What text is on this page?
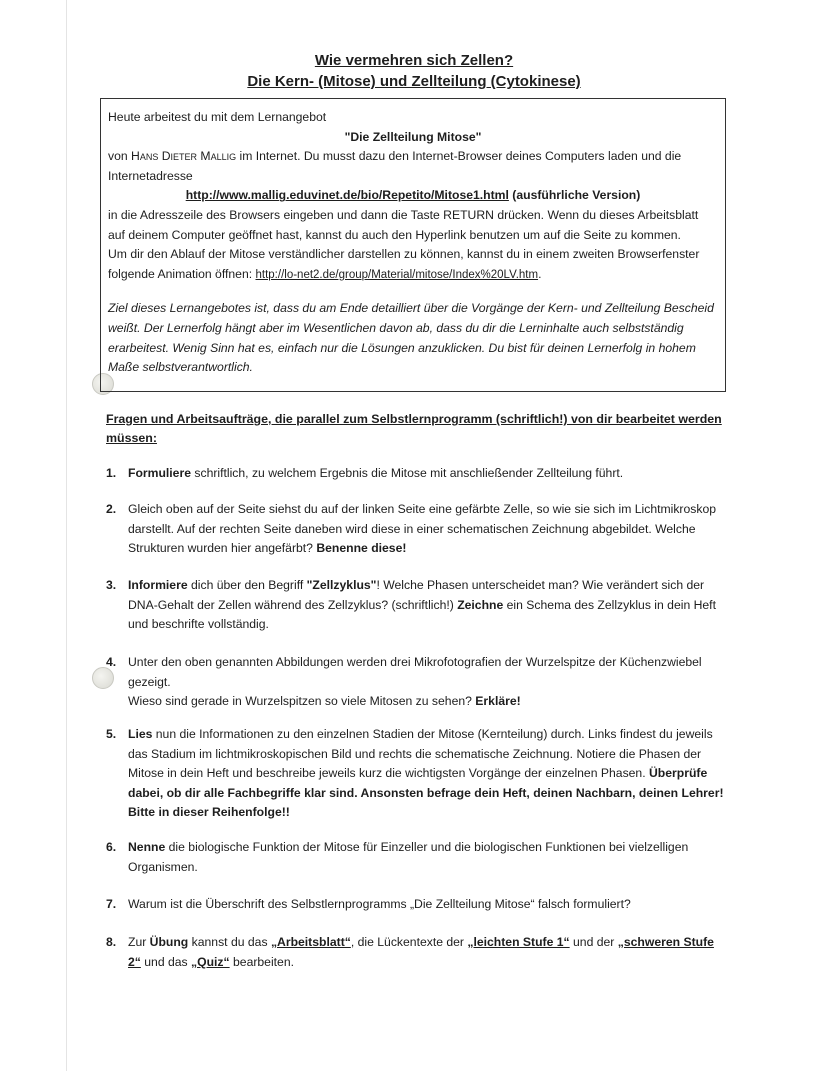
Wie vermehren sich Zellen?
Die Kern- (Mitose) und Zellteilung (Cytokinese)

Heute arbeitest du mit dem Lernangebot

"Die Zellteilung Mitose"

von Hans Dieter Mallig im Internet. Du musst dazu den Internet-Browser deines Computers laden und die Internetadresse

http://www.mallig.eduvinet.de/bio/Repetito/Mitose1.html (ausführliche Version)

in die Adresszeile des Browsers eingeben und dann die Taste RETURN drücken. Wenn du dieses Arbeitsblatt auf deinem Computer geöffnet hast, kannst du auch den Hyperlink benutzen um auf die Seite zu kommen.

Um dir den Ablauf der Mitose verständlicher darstellen zu können, kannst du in einem zweiten Browserfenster folgende Animation öffnen: http://lo-net2.de/group/Material/mitose/Index%20LV.htm.

Ziel dieses Lernangebotes ist, dass du am Ende detailliert über die Vorgänge der Kern- und Zellteilung Bescheid weißt. Der Lernerfolg hängt aber im Wesentlichen davon ab, dass du dir die Lerninhalte auch selbstständig erarbeitest. Wenig Sinn hat es, einfach nur die Lösungen anzuklicken. Du bist für deinen Lernerfolg in hohem Maße selbstverantwortlich.

Fragen und Arbeitsaufträge, die parallel zum Selbstlernprogramm (schriftlich!) von dir bearbeitet werden müssen:
1. Formuliere schriftlich, zu welchem Ergebnis die Mitose mit anschließender Zellteilung führt.
2. Gleich oben auf der Seite siehst du auf der linken Seite eine gefärbte Zelle, so wie sie sich im Lichtmikroskop darstellt. Auf der rechten Seite daneben wird diese in einer schematischen Zeichnung abgebildet. Welche Strukturen wurden hier angefärbt? Benenne diese!
3. Informiere dich über den Begriff "Zellzyklus"! Welche Phasen unterscheidet man? Wie verändert sich der DNA-Gehalt der Zellen während des Zellzyklus? (schriftlich!) Zeichne ein Schema des Zellzyklus in dein Heft und beschrifte vollständig.
4. Unter den oben genannten Abbildungen werden drei Mikrofotografien der Wurzelspitze der Küchenzwiebel gezeigt.
Wieso sind gerade in Wurzelspitzen so viele Mitosen zu sehen? Erkläre!
5. Lies nun die Informationen zu den einzelnen Stadien der Mitose (Kernteilung) durch. Links findest du jeweils das Stadium im lichtmikroskopischen Bild und rechts die schematische Zeichnung. Notiere die Phasen der Mitose in dein Heft und beschreibe jeweils kurz die wichtigsten Vorgänge der einzelnen Phasen. Überprüfe dabei, ob dir alle Fachbegriffe klar sind. Ansonsten befrage dein Heft, deinen Nachbarn, deinen Lehrer! Bitte in dieser Reihenfolge!!
6. Nenne die biologische Funktion der Mitose für Einzeller und die biologischen Funktionen bei vielzelligen Organismen.
7. Warum ist die Überschrift des Selbstlernprogramms „Die Zellteilung Mitose“ falsch formuliert?
8. Zur Übung kannst du das „Arbeitsblatt“, die Lückentexte der „leichten Stufe 1“ und der „schweren Stufe 2“ und das „Quiz“ bearbeiten.
